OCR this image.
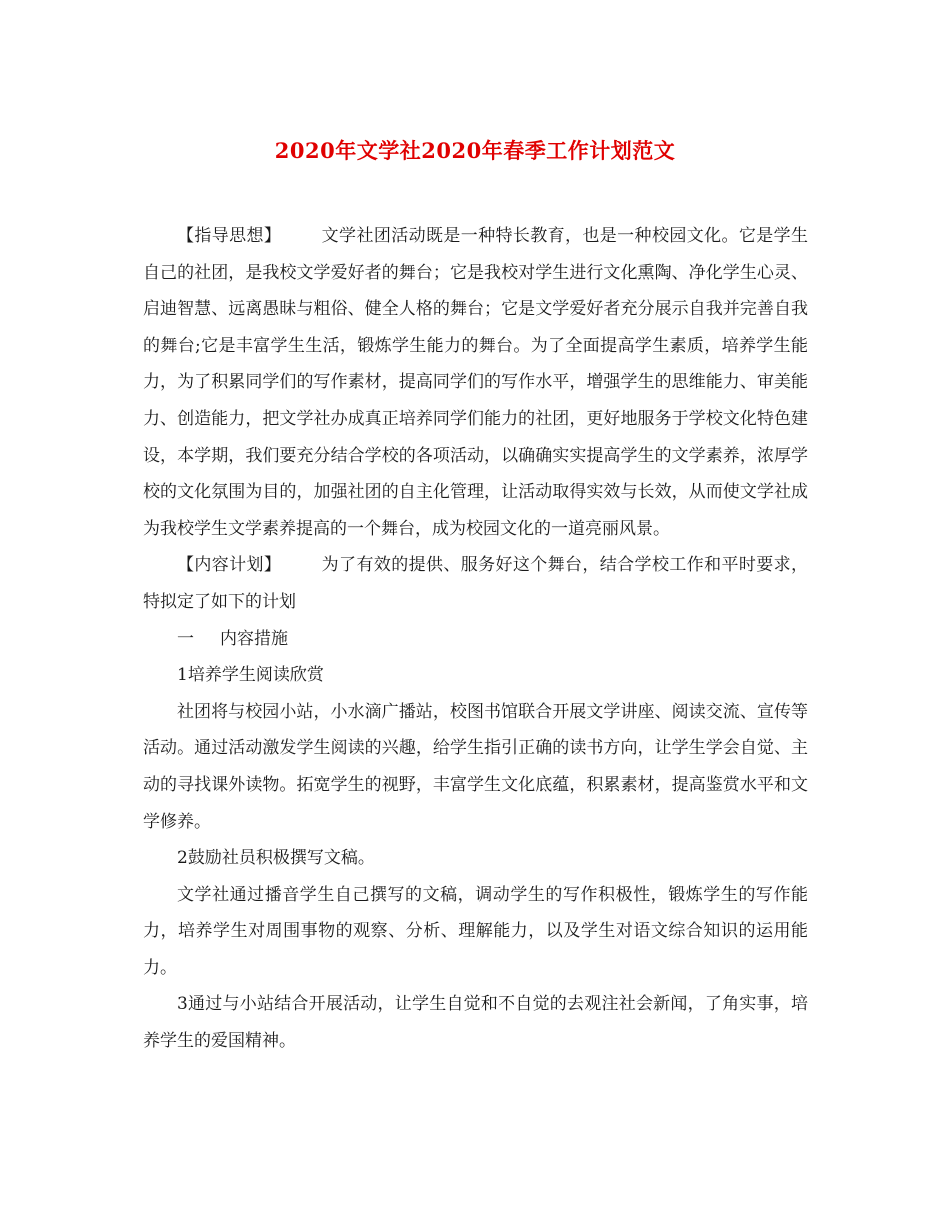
2020年文学社2020年春季工作计划范文

【指导思想】 文学社团活动既是一种特长教育，也是一种校园文化。它是学生自己的社团，是我校文学爱好者的舞台；它是我校对学生进行文化熏陶、净化学生心灵、启迪智慧、远离愚昧与粗俗、健全人格的舞台；它是文学爱好者充分展示自我并完善自我的舞台;它是丰富学生生活，锻炼学生能力的舞台。为了全面提高学生素质，培养学生能力，为了积累同学们的写作素材，提高同学们的写作水平，增强学生的思维能力、审美能力、创造能力，把文学社办成真正培养同学们能力的社团，更好地服务于学校文化特色建设，本学期，我们要充分结合学校的各项活动，以确确实实提高学生的文学素养，浓厚学校的文化氛围为目的，加强社团的自主化管理，让活动取得实效与长效，从而使文学社成为我校学生文学素养提高的一个舞台，成为校园文化的一道亮丽风景。

【内容计划】 为了有效的提供、服务好这个舞台，结合学校工作和平时要求，特拟定了如下的计划

一 内容措施

1培养学生阅读欣赏

社团将与校园小站，小水滴广播站，校图书馆联合开展文学讲座、阅读交流、宣传等活动。通过活动激发学生阅读的兴趣，给学生指引正确的读书方向，让学生学会自觉、主动的寻找课外读物。拓宽学生的视野，丰富学生文化底蕴，积累素材，提高鉴赏水平和文学修养。

2鼓励社员积极撰写文稿。

文学社通过播音学生自己撰写的文稿，调动学生的写作积极性，锻炼学生的写作能力，培养学生对周围事物的观察、分析、理解能力，以及学生对语文综合知识的运用能力。

3通过与小站结合开展活动，让学生自觉和不自觉的去观注社会新闻，了角实事，培养学生的爱国精神。
